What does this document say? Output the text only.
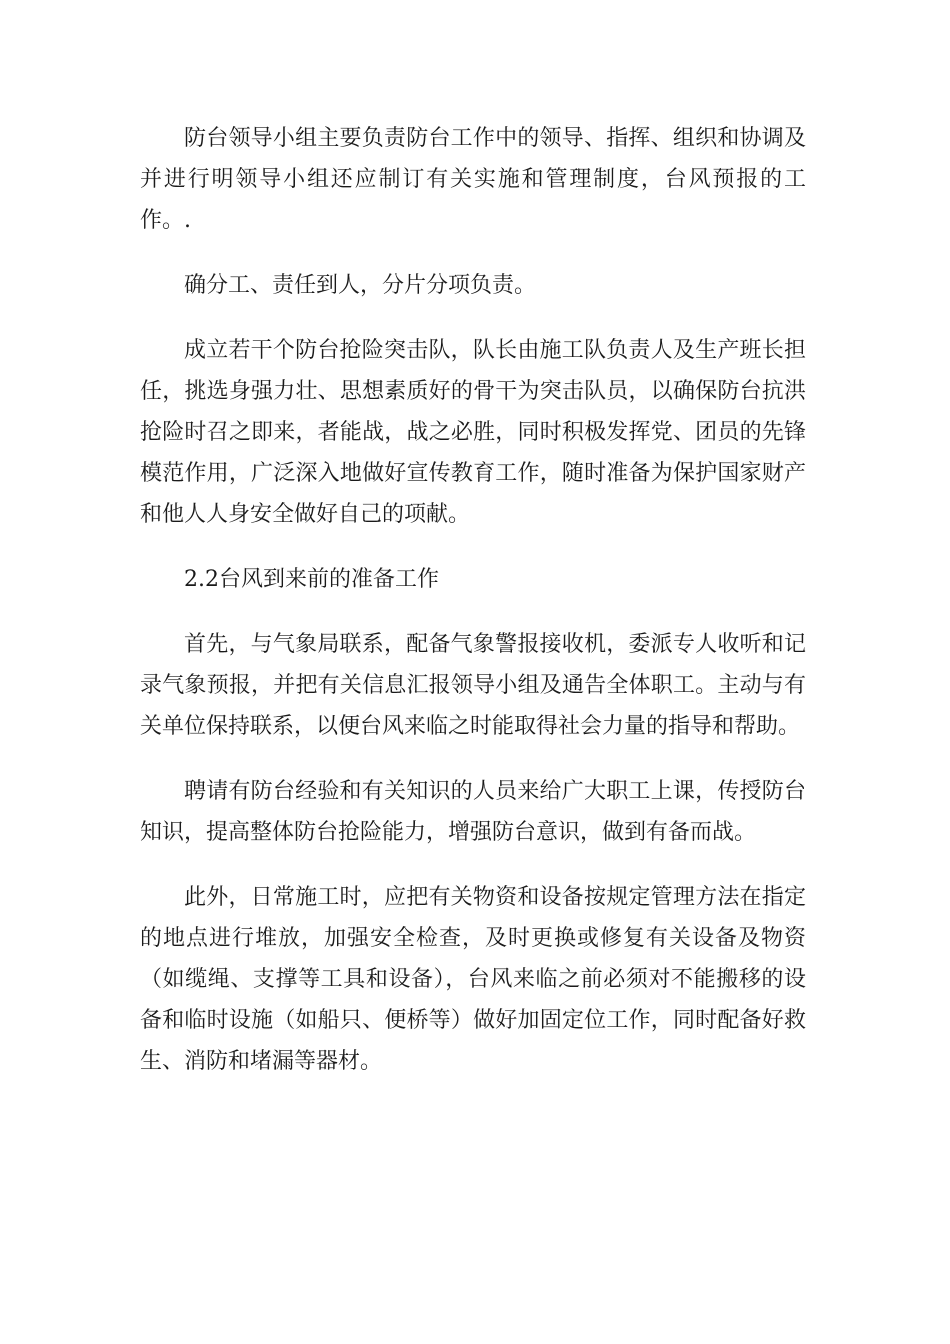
防台领导小组主要负责防台工作中的领导、指挥、组织和协调及并进行明领导小组还应制订有关实施和管理制度，台风预报的工作。.

确分工、责任到人，分片分项负责。

成立若干个防台抢险突击队，队长由施工队负责人及生产班长担任，挑选身强力壮、思想素质好的骨干为突击队员，以确保防台抗洪抢险时召之即来，者能战，战之必胜，同时积极发挥党、团员的先锋模范作用，广泛深入地做好宣传教育工作，随时准备为保护国家财产和他人人身安全做好自己的项献。

2.2台风到来前的准备工作

首先，与气象局联系，配备气象警报接收机，委派专人收听和记录气象预报，并把有关信息汇报领导小组及通告全体职工。主动与有关单位保持联系，以便台风来临之时能取得社会力量的指导和帮助。

聘请有防台经验和有关知识的人员来给广大职工上课，传授防台知识，提高整体防台抢险能力，增强防台意识，做到有备而战。

此外，日常施工时，应把有关物资和设备按规定管理方法在指定的地点进行堆放，加强安全检查，及时更换或修复有关设备及物资（如缆绳、支撑等工具和设备），台风来临之前必须对不能搬移的设备和临时设施（如船只、便桥等）做好加固定位工作，同时配备好救生、消防和堵漏等器材。
